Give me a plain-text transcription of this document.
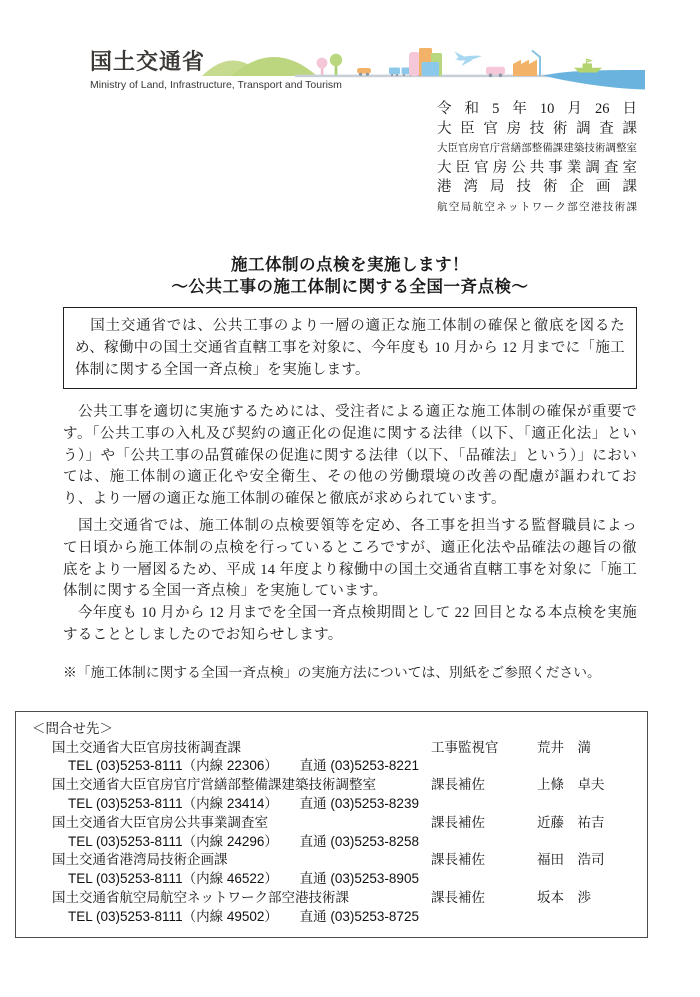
国土交通省
Ministry of Land, Infrastructure, Transport and Tourism
令和5年10月26日
大臣官房技術調査課
大臣官房官庁営繕部整備課建築技術調整室
大臣官房公共事業調査室
港湾局技術企画課
航空局航空ネットワーク部空港技術課
施工体制の点検を実施します！
～公共工事の施工体制に関する全国一斉点検～
　国土交通省では、公共工事のより一層の適正な施工体制の確保と徹底を図るため、稼働中の国土交通省直轄工事を対象に、今年度も 10 月から 12 月までに「施工体制に関する全国一斉点検」を実施します。
　公共工事を適切に実施するためには、受注者による適正な施工体制の確保が重要です。「公共工事の入札及び契約の適正化の促進に関する法律（以下、「適正化法」という）」や「公共工事の品質確保の促進に関する法律（以下、「品確法」という）」においては、施工体制の適正化や安全衛生、その他の労働環境の改善の配慮が謳われており、より一層の適正な施工体制の確保と徹底が求められています。
　国土交通省では、施工体制の点検要領等を定め、各工事を担当する監督職員によって日頃から施工体制の点検を行っているところですが、適正化法や品確法の趣旨の徹底をより一層図るため、平成 14 年度より稼働中の国土交通省直轄工事を対象に「施工体制に関する全国一斉点検」を実施しています。
　今年度も 10 月から 12 月までを全国一斉点検期間として 22 回目となる本点検を実施することとしましたのでお知らせします。
※「施工体制に関する全国一斉点検」の実施方法については、別紙をご参照ください。
＜問合せ先＞
国土交通省大臣官房技術調査課	工事監視官	荒井　満
TEL (03)5253-8111（内線 22306） 直通 (03)5253-8221
国土交通省大臣官房官庁営繕部整備課建築技術調整室	課長補佐	上條　卓夫
TEL (03)5253-8111（内線 23414） 直通 (03)5253-8239
国土交通省大臣官房公共事業調査室	課長補佐	近藤　祐吉
TEL (03)5253-8111（内線 24296） 直通 (03)5253-8258
国土交通省港湾局技術企画課	課長補佐	福田　浩司
TEL (03)5253-8111（内線 46522） 直通 (03)5253-8905
国土交通省航空局航空ネットワーク部空港技術課	課長補佐	坂本　渉
TEL (03)5253-8111（内線 49502） 直通 (03)5253-8725
